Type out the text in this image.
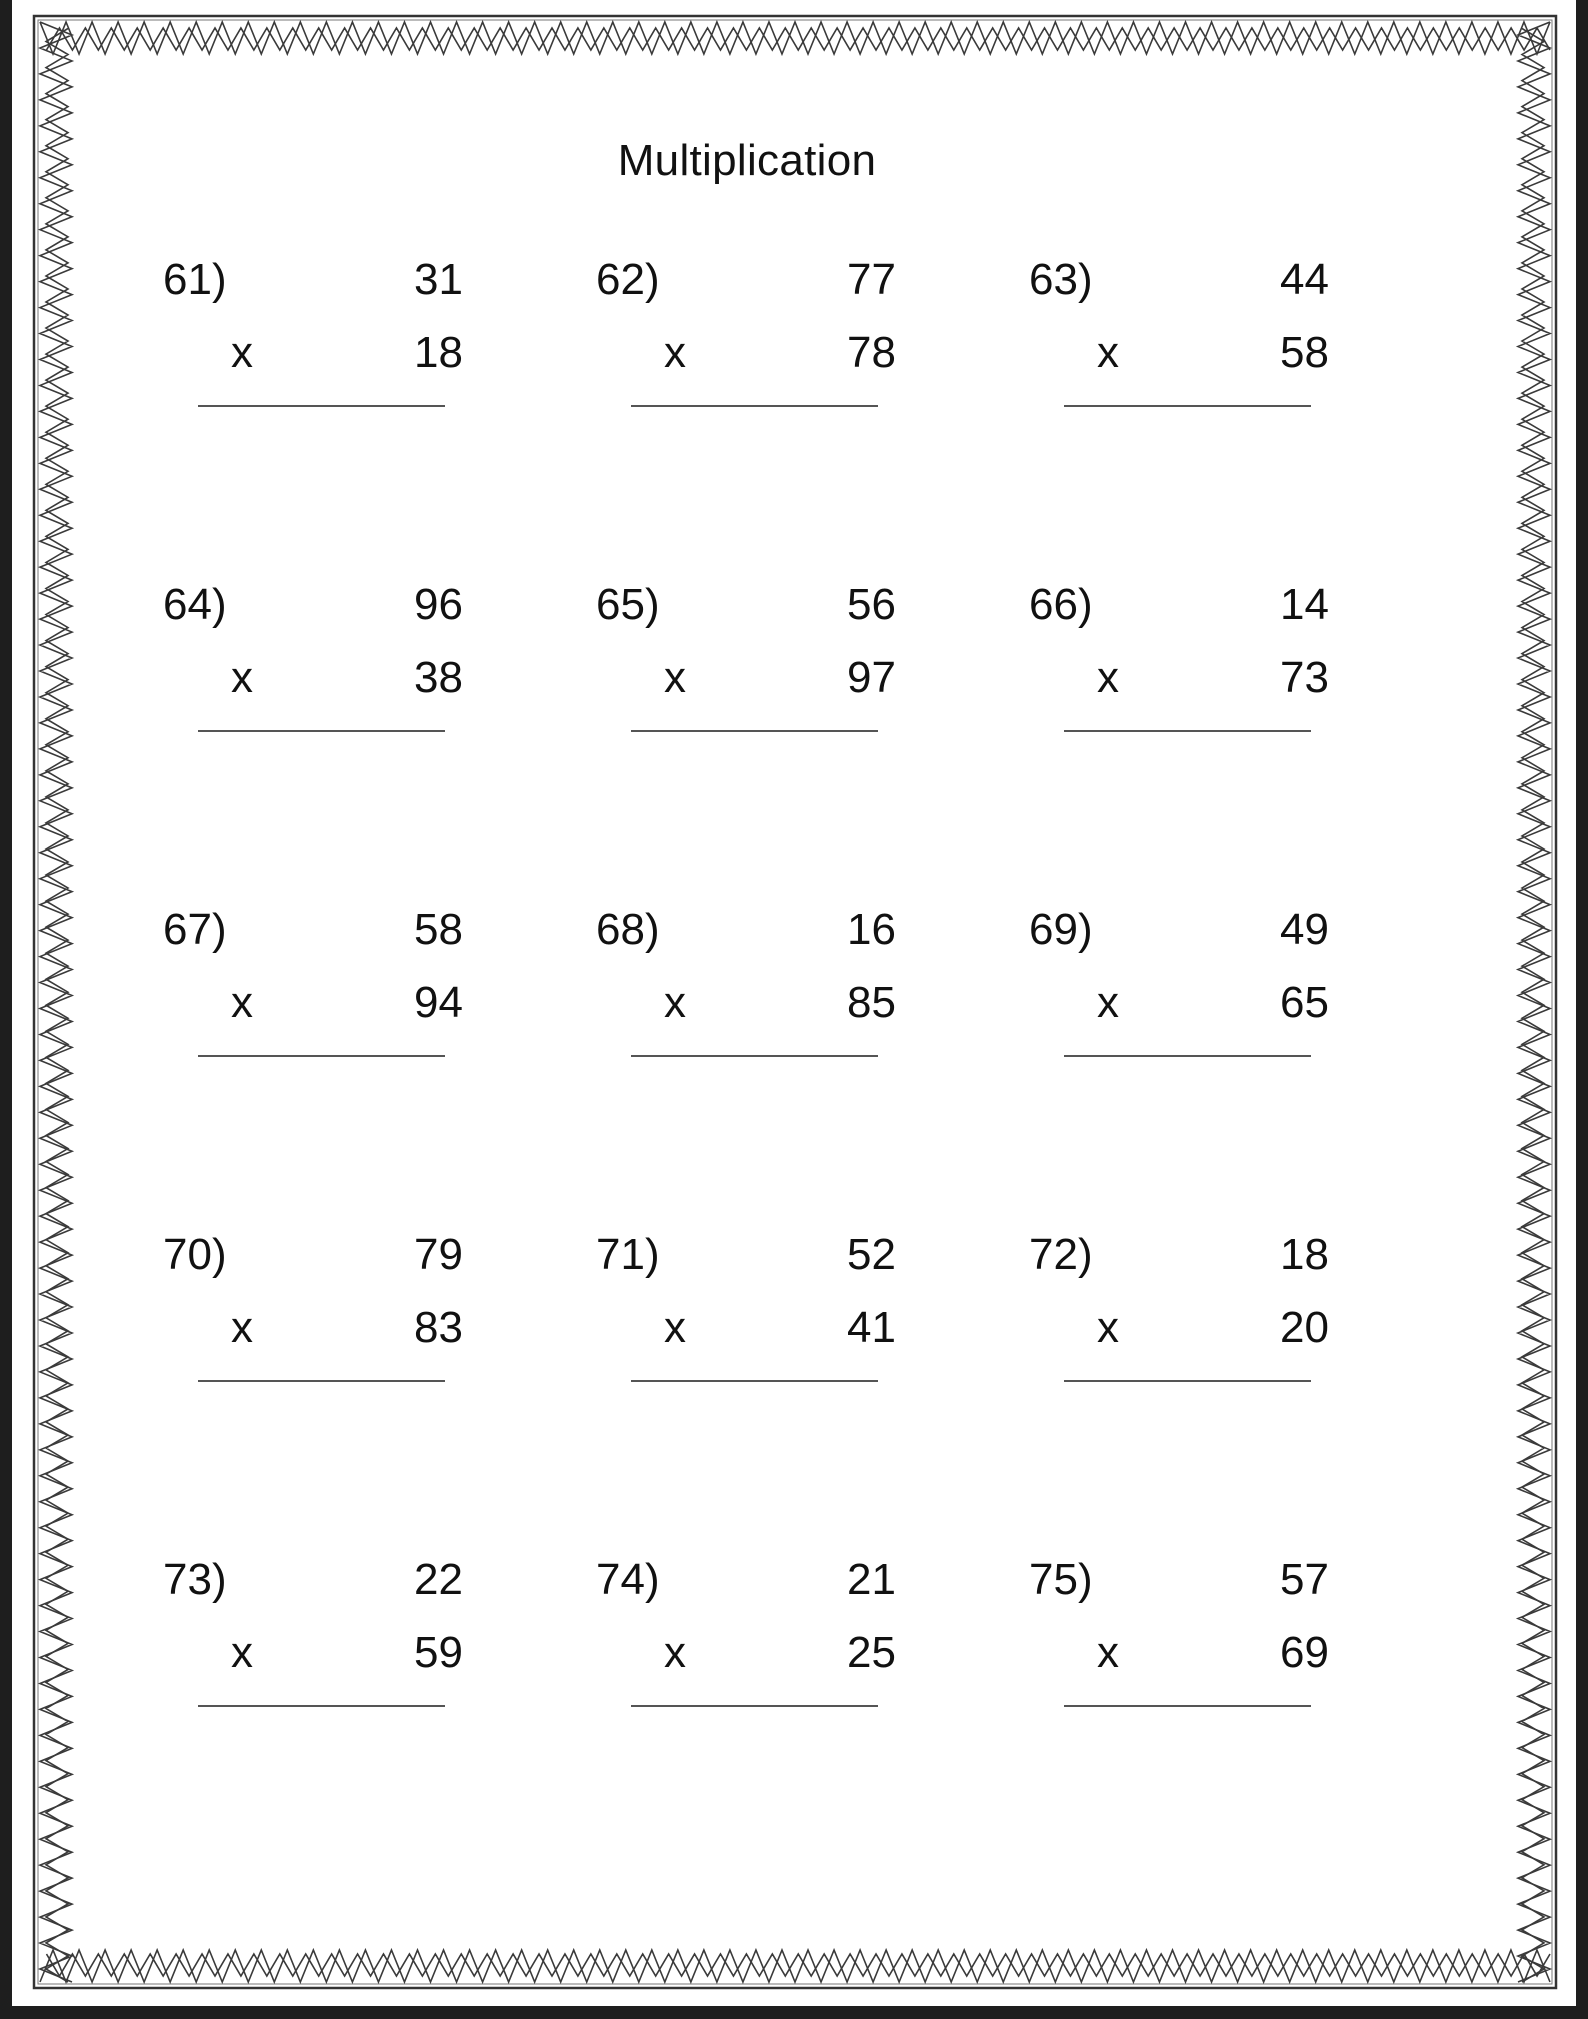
Multiplication
61)	31
x	18
62)	77
x	78
63)	44
x	58
64)	96
x	38
65)	56
x	97
66)	14
x	73
67)	58
x	94
68)	16
x	85
69)	49
x	65
70)	79
x	83
71)	52
x	41
72)	18
x	20
73)	22
x	59
74)	21
x	25
75)	57
x	69
